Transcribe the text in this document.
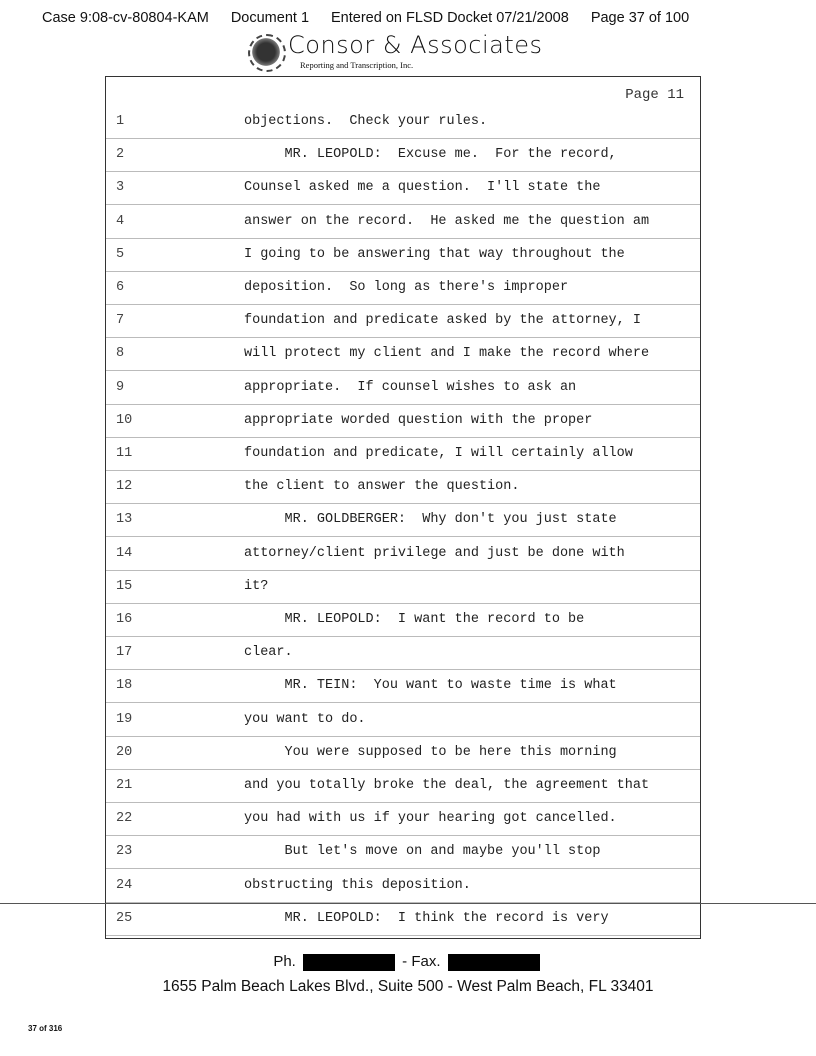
Case 9:08-cv-80804-KAM Document 1 Entered on FLSD Docket 07/21/2008 Page 37 of 100
Consor & Associates
Reporting and Transcription, Inc.
Page 11
1	objections.  Check your rules.
2	MR. LEOPOLD:  Excuse me.  For the record,
3	Counsel asked me a question.  I'll state the
4	answer on the record.  He asked me the question am
5	I going to be answering that way throughout the
6	deposition.  So long as there's improper
7	foundation and predicate asked by the attorney, I
8	will protect my client and I make the record where
9	appropriate.  If counsel wishes to ask an
10	appropriate worded question with the proper
11	foundation and predicate, I will certainly allow
12	the client to answer the question.
13	MR. GOLDBERGER:  Why don't you just state
14	attorney/client privilege and just be done with
15	it?
16	MR. LEOPOLD:  I want the record to be
17	clear.
18	MR. TEIN:  You want to waste time is what
19	you want to do.
20	You were supposed to be here this morning
21	and you totally broke the deal, the agreement that
22	you had with us if your hearing got cancelled.
23	But let's move on and maybe you'll stop
24	obstructing this deposition.
25	MR. LEOPOLD:  I think the record is very
Ph.	- Fax.
1655 Palm Beach Lakes Blvd., Suite 500 - West Palm Beach, FL 33401
37 of 316
